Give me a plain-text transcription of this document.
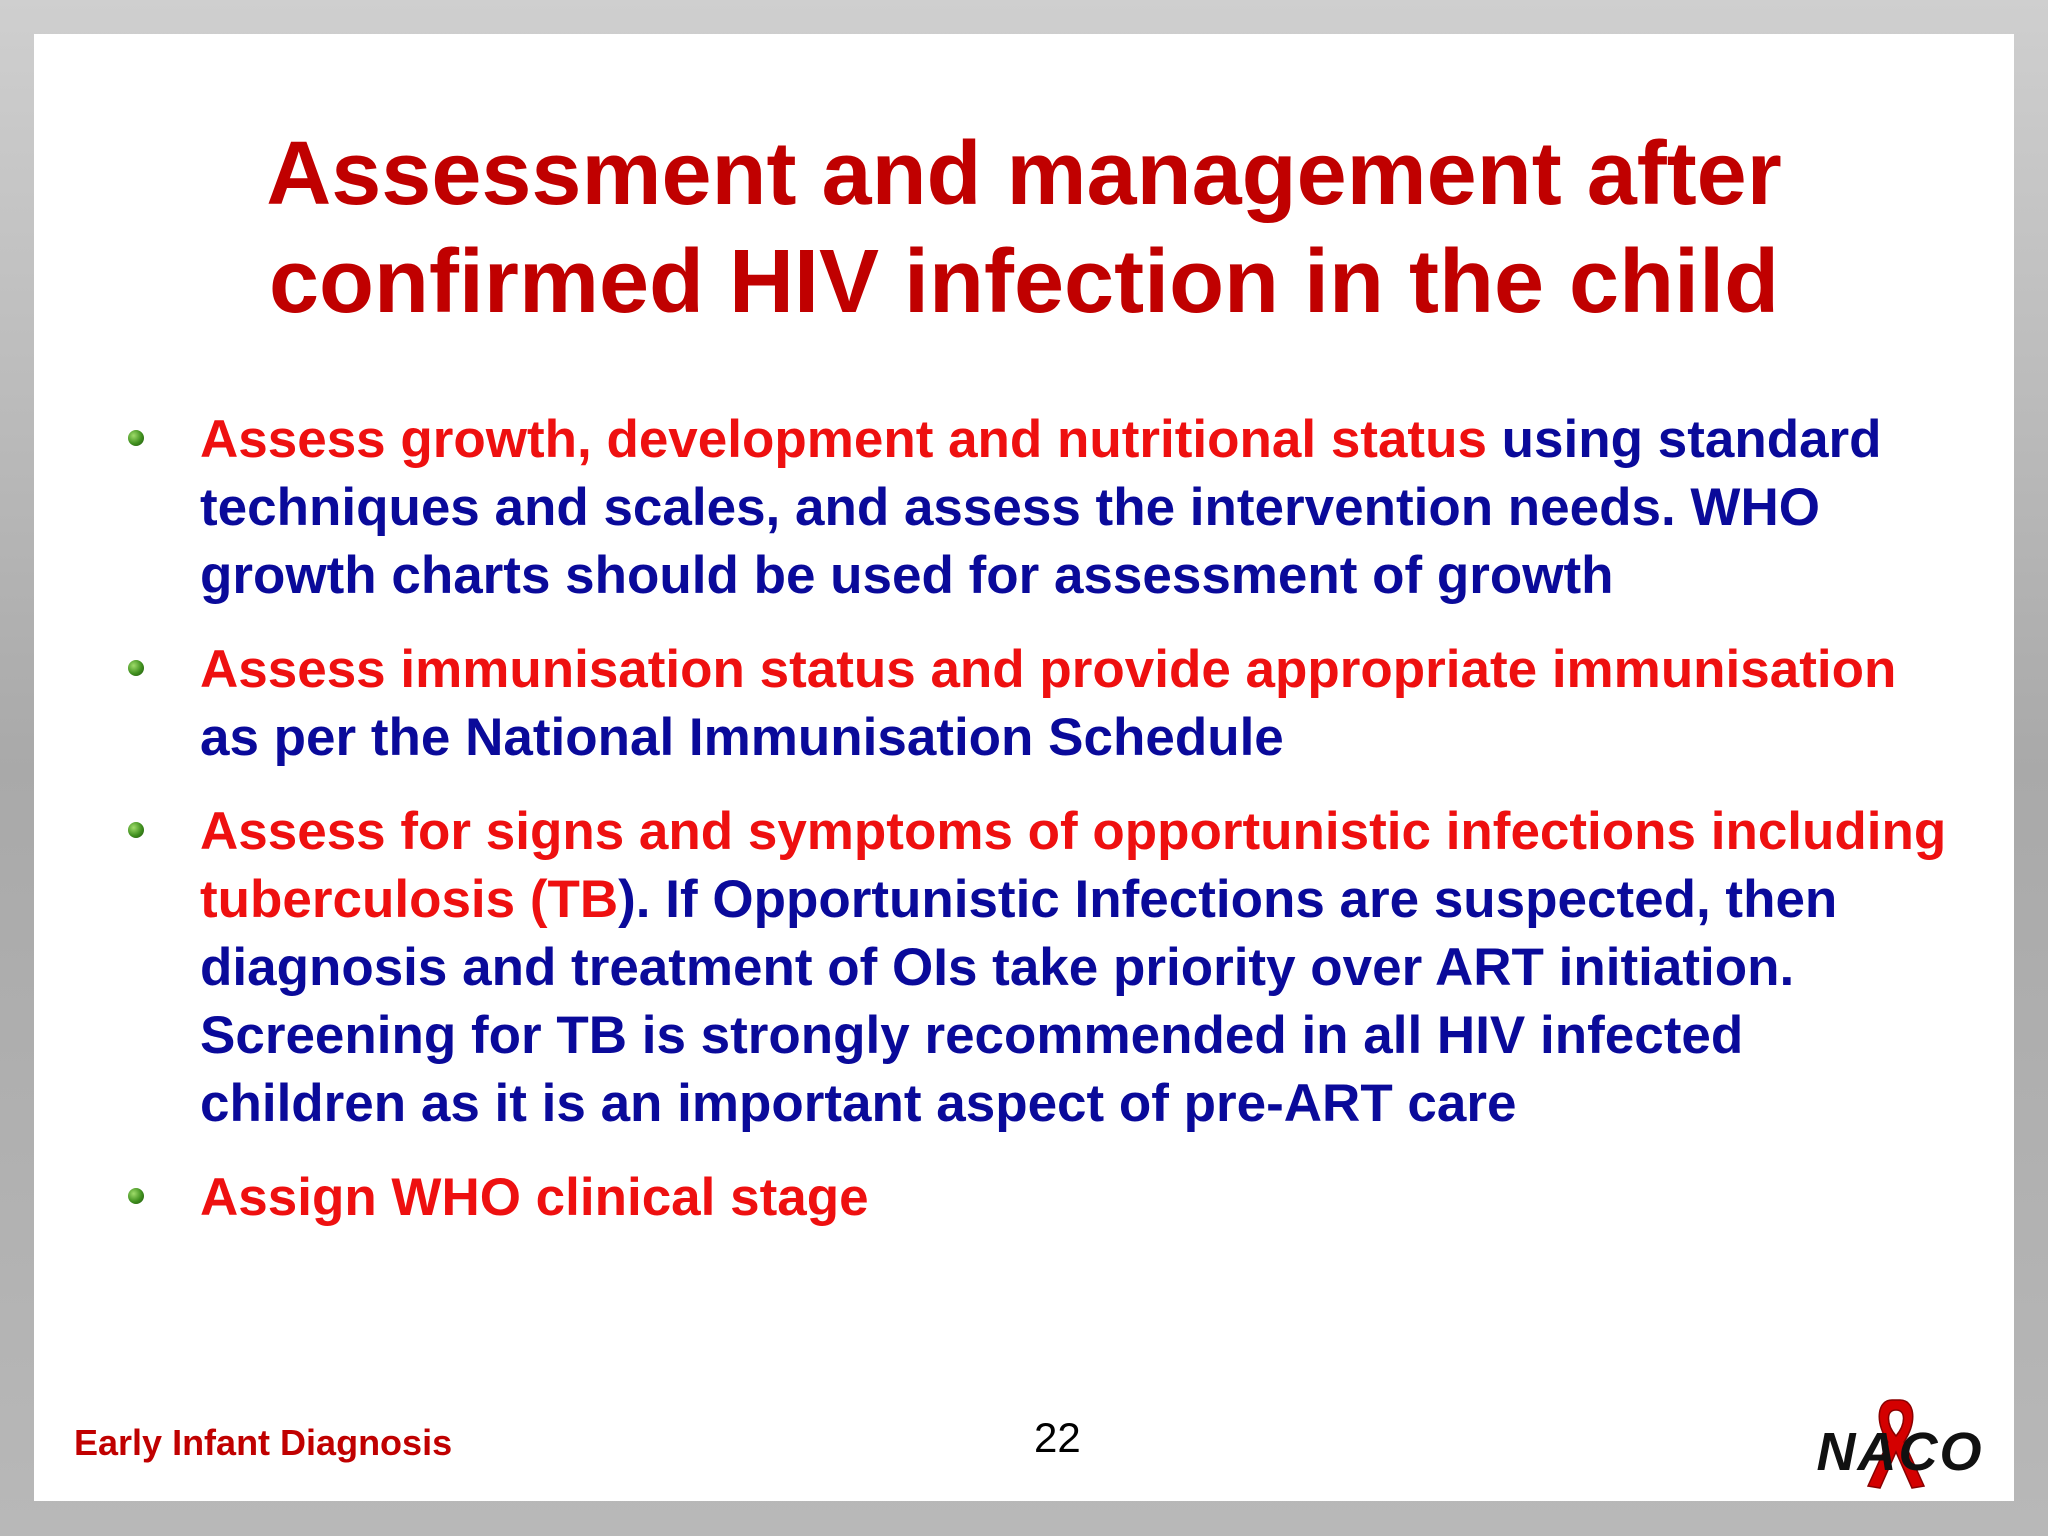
Assessment and management after
confirmed HIV infection in the child
Assess growth, development and nutritional status using standard techniques and scales, and assess the intervention needs. WHO growth charts should be used for assessment of growth
Assess immunisation status and provide appropriate immunisation as per the National Immunisation Schedule
Assess for signs and symptoms of opportunistic infections including tuberculosis (TB). If Opportunistic Infections are suspected, then diagnosis and treatment of OIs take priority over ART initiation. Screening for TB is strongly recommended in all HIV infected children as it is an important aspect of pre-ART care
Assign WHO clinical stage
Early Infant Diagnosis	22	NACO
